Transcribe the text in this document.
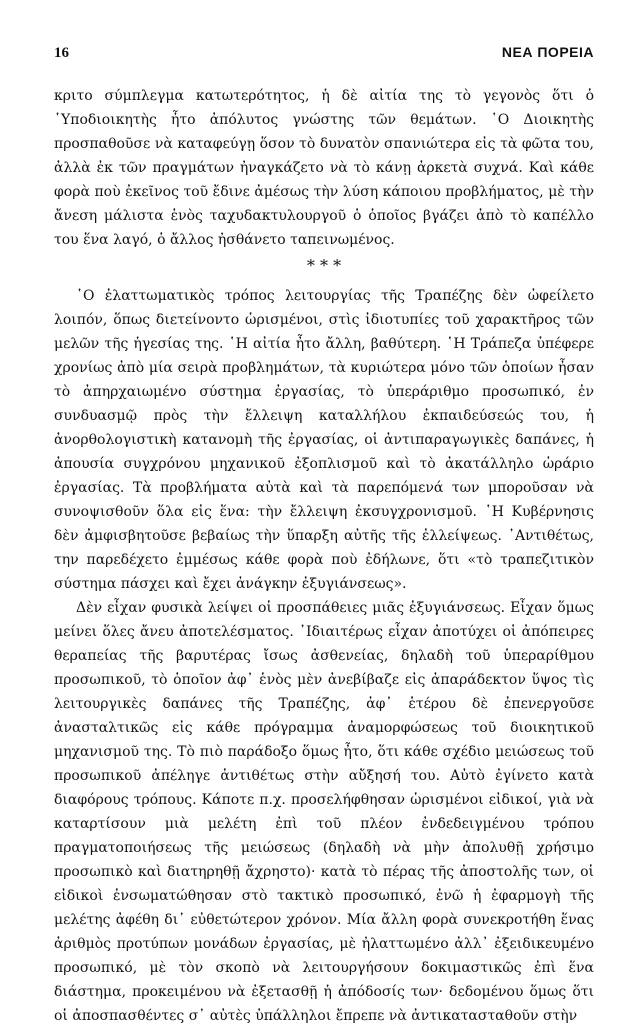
16	ΝΕΑ ΠΟΡΕΙΑ

κριτο σύμπλεγμα κατωτερότητος, ἡ δὲ αἰτία της τὸ γεγονὸς ὅτι ὁ ῾Υποδιοικητὴς ἦτο ἀπόλυτος γνώστης τῶν θεμάτων. ῾Ο Διοικητὴς προσπαθοῦσε νὰ καταφεύγῃ ὅσον τὸ δυνατὸν σπανιώτερα εἰς τὰ φῶτα του, ἀλλὰ ἐκ τῶν πραγμάτων ἠναγκάζετο νὰ τὸ κάνῃ ἀρκετὰ συχνά. Καὶ κάθε φορὰ ποὺ ἐκεῖνος τοῦ ἔδινε ἀμέσως τὴν λύση κάποιου προβλήματος, μὲ τὴν ἄνεση μάλιστα ἑνὸς ταχυδακτυλουργοῦ ὁ ὁποῖος βγάζει ἀπὸ τὸ καπέλλο του ἕνα λαγό, ὁ ἄλλος ἠσθάνετο ταπεινωμένος.

* * *

῾Ο ἐλαττωματικὸς τρόπος λειτουργίας τῆς Τραπέζης δὲν ὠφείλετο λοιπόν, ὅπως διετείνοντο ὡρισμένοι, στὶς ἰδιοτυπίες τοῦ χαρακτῆρος τῶν μελῶν τῆς ἡγεσίας της. ῾Η αἰτία ἦτο ἄλλη, βαθύτερη. ῾Η Τράπεζα ὑπέφερε χρονίως ἀπὸ μία σειρὰ προβλημάτων, τὰ κυριώτερα μόνο τῶν ὁποίων ἦσαν τὸ ἀπηρχαιωμένο σύστημα ἐργασίας, τὸ ὑπεράριθμο προσωπικό, ἐν συνδυασμῷ πρὸς τὴν ἔλλειψη καταλλήλου ἐκπαιδεύσεώς του, ἡ ἀνορθολογιστικὴ κατανομὴ τῆς ἐργασίας, οἱ ἀντιπαραγωγικὲς δαπάνες, ἡ ἀπουσία συγχρόνου μηχανικοῦ ἐξοπλισμοῦ καὶ τὸ ἀκατάλληλο ὡράριο ἐργασίας. Τὰ προβλήματα αὐτὰ καὶ τὰ παρεπόμενά των μποροῦσαν νὰ συνοψισθοῦν ὅλα εἰς ἕνα: τὴν ἔλλειψη ἐκσυγχρονισμοῦ. ῾Η Κυβέρνησις δὲν ἀμφισβητοῦσε βεβαίως τὴν ὕπαρξη αὐτῆς τῆς ἐλλείψεως. ᾽Αντιθέτως, την παρεδέχετο ἐμμέσως κάθε φορὰ ποὺ ἐδήλωνε, ὅτι «τὸ τραπεζιτικὸν σύστημα πάσχει καὶ ἔχει ἀνάγκην ἐξυγιάνσεως».

Δὲν εἶχαν φυσικὰ λείψει οἱ προσπάθειες μιᾶς ἐξυγιάνσεως. Εἶχαν ὅμως μείνει ὅλες ἄνευ ἀποτελέσματος. ᾽Ιδιαιτέρως εἶχαν ἀποτύχει οἱ ἀπόπειρες θεραπείας τῆς βαρυτέρας ἴσως ἀσθενείας, δηλαδὴ τοῦ ὑπεραρίθμου προσωπικοῦ, τὸ ὁποῖον ἀφ᾽ ἑνὸς μὲν ἀνεβίβαζε εἰς ἀπαράδεκτον ὕψος τὶς λειτουργικὲς δαπάνες τῆς Τραπέζης, ἀφ᾽ ἑτέρου δὲ ἐπενεργοῦσε ἀνασταλτικῶς εἰς κάθε πρόγραμμα ἀναμορφώσεως τοῦ διοικητικοῦ μηχανισμοῦ της. Τὸ πιὸ παράδοξο ὅμως ἦτο, ὅτι κάθε σχέδιο μειώσεως τοῦ προσωπικοῦ ἀπέληγε ἀντιθέτως στὴν αὔξησή του. Αὐτὸ ἐγίνετο κατὰ διαφόρους τρόπους. Κάποτε π.χ. προσελήφθησαν ὡρισμένοι εἰδικοί, γιὰ νὰ καταρτίσουν μιὰ μελέτη ἐπὶ τοῦ πλέον ἐνδεδειγμένου τρόπου πραγματοποιήσεως τῆς μειώσεως (δηλαδὴ νὰ μὴν ἀπολυθῇ χρήσιμο προσωπικὸ καὶ διατηρηθῇ ἄχρηστο)· κατὰ τὸ πέρας τῆς ἀποστολῆς των, οἱ εἰδικοὶ ἐνσωματώθησαν στὸ τακτικὸ προσωπικό, ἐνῶ ἡ ἐφαρμογὴ τῆς μελέτης ἀφέθη δι᾽ εὐθετώτερον χρόνον. Μία ἄλλη φορὰ συνεκροτήθη ἕνας ἀριθμὸς προτύπων μονάδων ἐργασίας, μὲ ἠλαττωμένο ἀλλ᾽ ἐξειδικευμένο προσωπικό, μὲ τὸν σκοπὸ νὰ λειτουργήσουν δοκιμαστικῶς ἐπὶ ἕνα διάστημα, προκειμένου νὰ ἐξετασθῇ ἡ ἀπόδοσίς των· δεδομένου ὅμως ὅτι οἱ ἀποσπασθέντες σ᾽ αὐτὲς ὑπάλληλοι ἔπρεπε νὰ ἀντικατασταθοῦν στὴν
